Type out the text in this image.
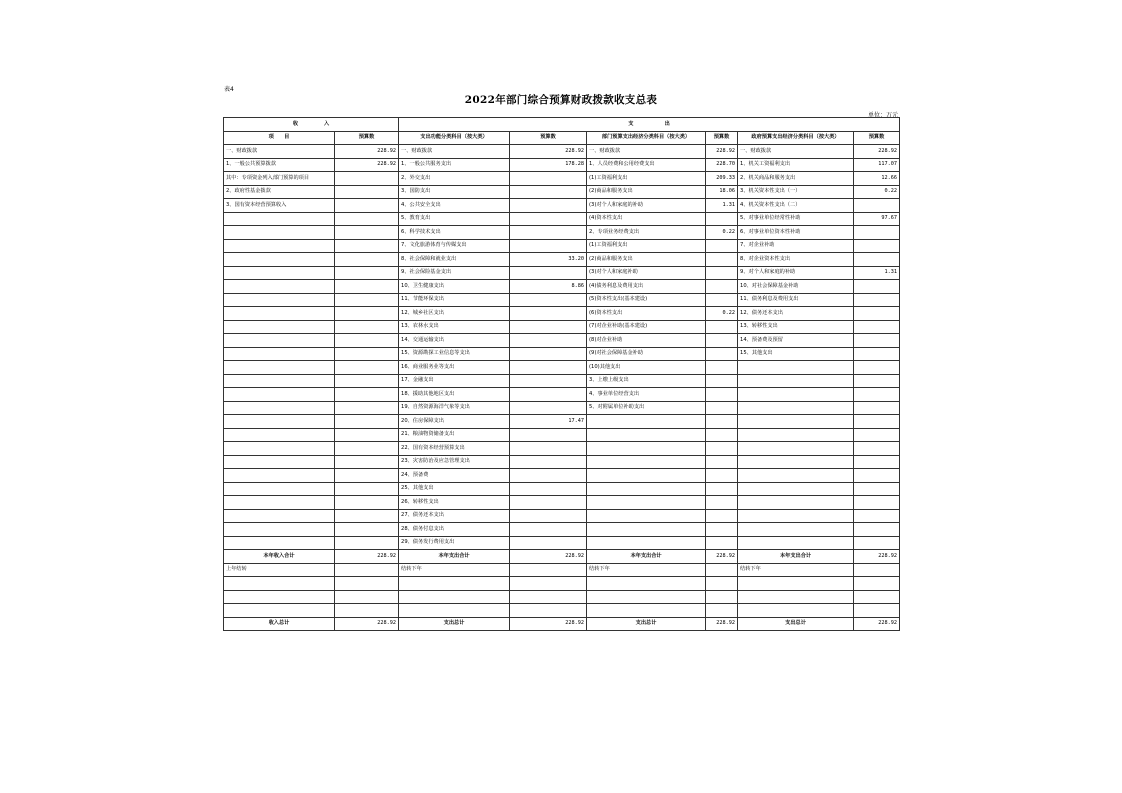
表4
2022年部门综合预算财政拨款收支总表
单位：万元
收　　　　　入		支　　　　　　出					
项　　目	预算数	支出功能分类科目（按大类）	预算数	部门预算支出经济分类科目（按大类）	预算数	政府预算支出经济分类科目（按大类）	预算数
一、财政拨款	228.92	一、财政拨款	228.92	一、财政拨款	228.92	一、财政拨款	228.92
1、一般公共预算拨款	228.92	1、一般公共服务支出	178.28	1、人员经费和公用经费支出	228.70	1、机关工资福利支出	117.07
其中：专项资金列入部门预算的项目		2、外交支出		(1)工资福利支出	209.33	2、机关商品和服务支出	12.66
2、政府性基金拨款		3、国防支出		(2)商品和服务支出	18.06	3、机关资本性支出（一）	0.22
3、国有资本经营预算收入		4、公共安全支出		(3)对个人和家庭的补助	1.31	4、机关资本性支出（二）	
		5、教育支出		(4)资本性支出		5、对事业单位经常性补助	97.67
		6、科学技术支出		2、专项业务经费支出	0.22	6、对事业单位资本性补助	
		7、文化旅游体育与传媒支出		(1)工资福利支出		7、对企业补助	
		8、社会保障和就业支出	33.20	(2)商品和服务支出		8、对企业资本性支出	
		9、社会保险基金支出		(3)对个人和家庭补助		9、对个人和家庭的补助	1.31
		10、卫生健康支出	8.86	(4)债务利息及费用支出		10、对社会保障基金补助	
		11、节能环保支出		(5)资本性支出(基本建设)		11、债务利息及费用支出	
		12、城乡社区支出		(6)资本性支出	0.22	12、债务还本支出	
		13、农林水支出		(7)对企业补助(基本建设)		13、转移性支出	
		14、交通运输支出		(8)对企业补助		14、预备费及预留	
		15、资源勘探工业信息等支出		(9)对社会保障基金补助		15、其他支出	
		16、商业服务业等支出		(10)其他支出			
		17、金融支出		3、上缴上级支出			
		18、援助其他地区支出		4、事业单位经营支出			
		19、自然资源海洋气象等支出		5、对附属单位补助支出			
		20、住房保障支出	17.47				
		21、粮油物资储备支出					
		22、国有资本经营预算支出					
		23、灾害防治及应急管理支出					
		24、预备费					
		25、其他支出					
		26、转移性支出					
		27、债务还本支出					
		28、债务付息支出					
		29、债务发行费用支出					
本年收入合计	228.92	本年支出合计	228.92	本年支出合计	228.92	本年支出合计	228.92
上年结转		结转下年		结转下年		结转下年	

收入总计	228.92	支出总计	228.92	支出总计	228.92	支出总计	228.92
